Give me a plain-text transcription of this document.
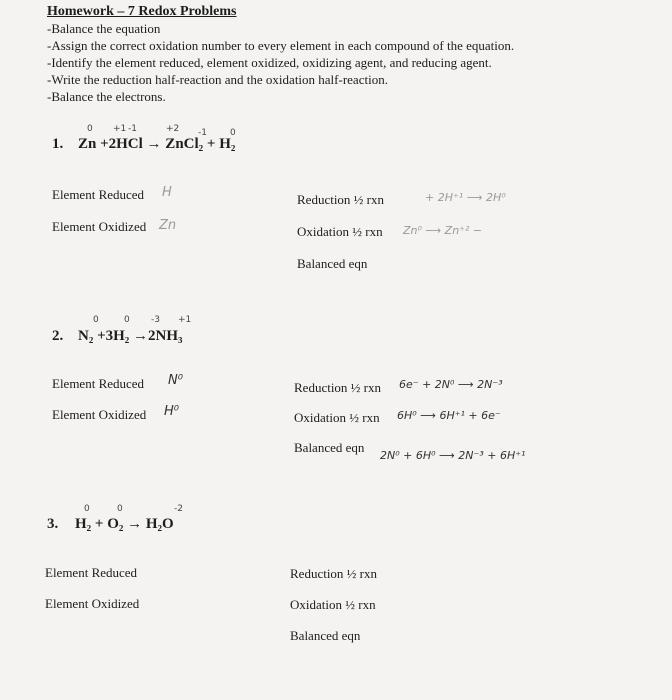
Homework – 7 Redox Problems
-Balance the equation
-Assign the correct oxidation number to every element in each compound of the equation.
-Identify the element reduced, element oxidized, oxidizing agent, and reducing agent.
-Write the reduction half-reaction and the oxidation half-reaction.
-Balance the electrons.
0 +1 -1	+2 -1	0
1. Zn +2HCl → ZnCl₂ + H₂
Element Reduced H
Element Oxidized Zn
Reduction ½ rxn	+ 2H⁺¹ ⟶ 2H⁰
Oxidation ½ rxn Zn⁰ ⟶ Zn⁺² −
Balanced eqn
0	0 -3 +1
2. N₂ +3H₂ →2NH₃
Element Reduced N⁰
Element Oxidized H⁰
Reduction ½ rxn 6e⁻ + 2N⁰ ⟶ 2N⁻³
Oxidation ½ rxn 6H⁰ ⟶ 6H⁺¹ + 6e⁻
Balanced eqn
2N⁰ + 6H⁰ ⟶ 2N⁻³ + 6H⁺¹
0	0	-2
3. H₂ + O₂ → H₂O
Element Reduced
Element Oxidized
Reduction ½ rxn
Oxidation ½ rxn
Balanced eqn
